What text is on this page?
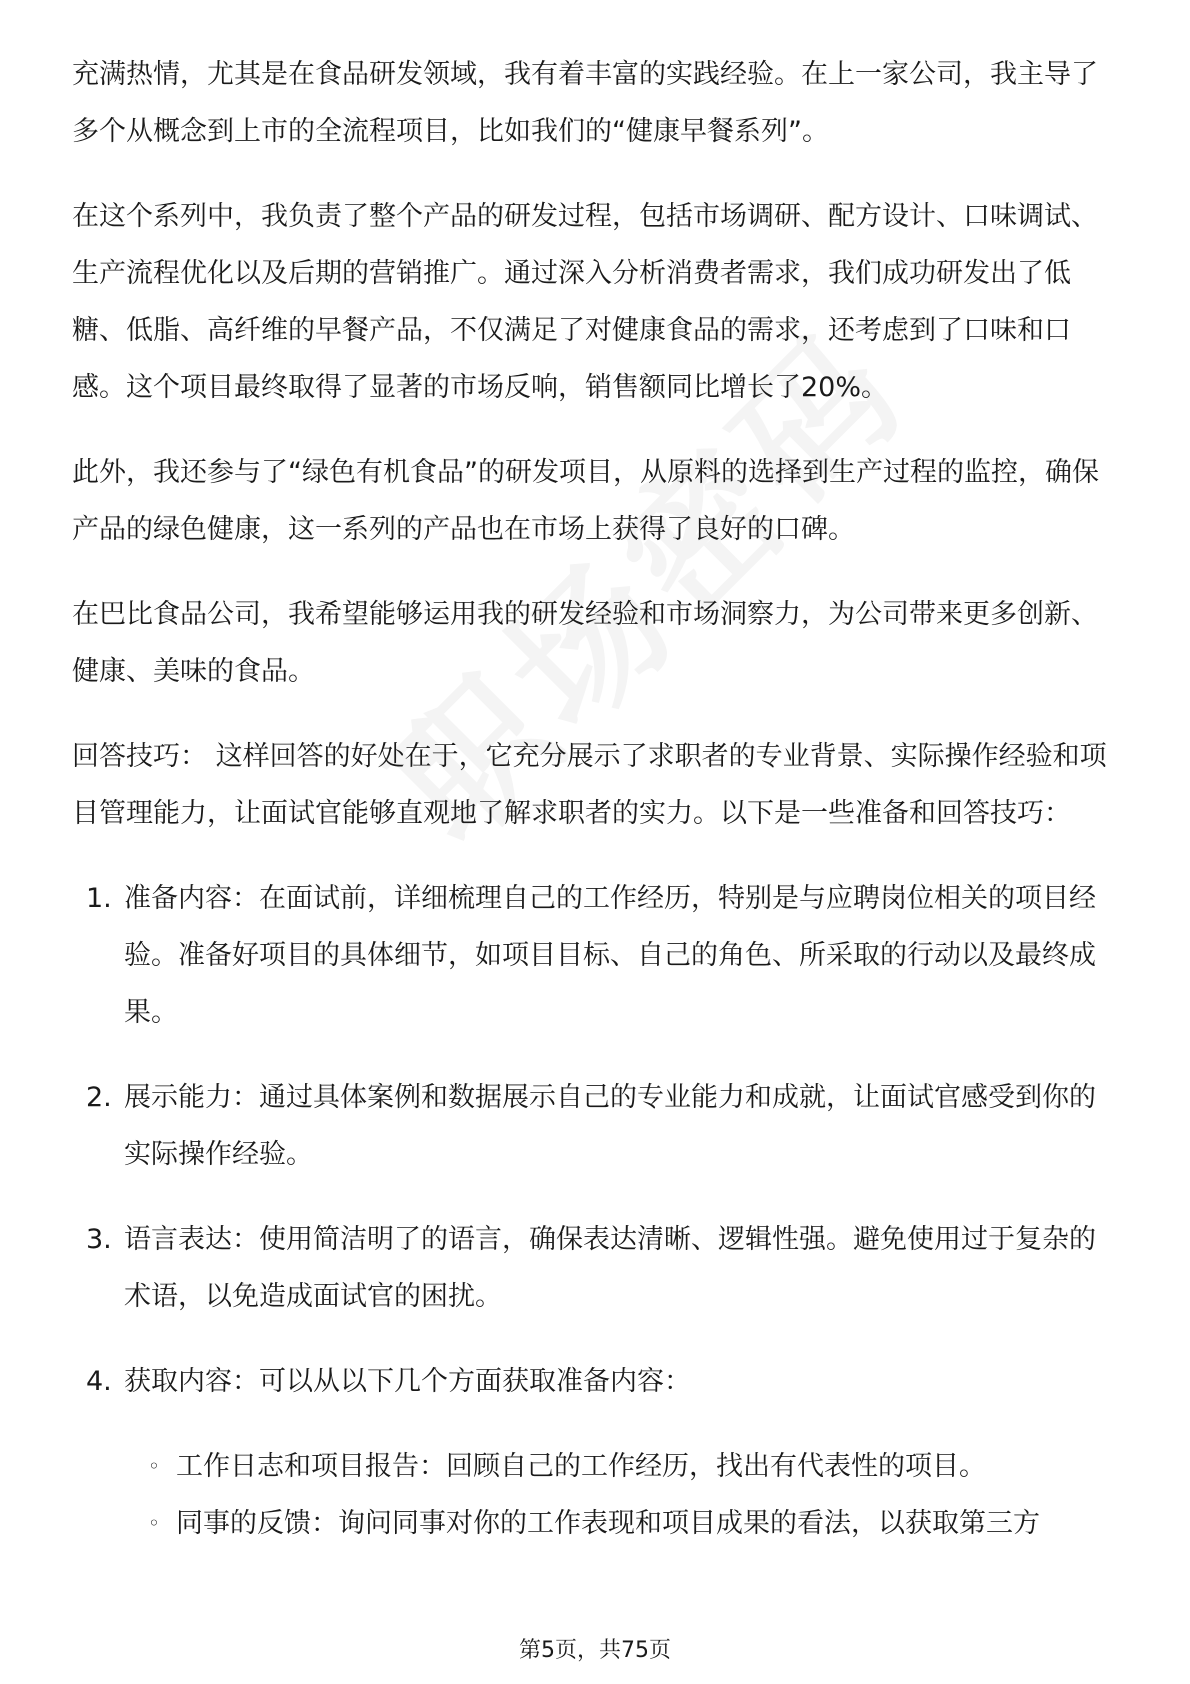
充满热情，尤其是在食品研发领域，我有着丰富的实践经验。在上一家公司，我主导了多个从概念到上市的全流程项目，比如我们的“健康早餐系列”。

在这个系列中，我负责了整个产品的研发过程，包括市场调研、配方设计、口味调试、生产流程优化以及后期的营销推广。通过深入分析消费者需求，我们成功研发出了低糖、低脂、高纤维的早餐产品，不仅满足了对健康食品的需求，还考虑到了口味和口感。这个项目最终取得了显著的市场反响，销售额同比增长了20%。

此外，我还参与了“绿色有机食品”的研发项目，从原料的选择到生产过程的监控，确保产品的绿色健康，这一系列的产品也在市场上获得了良好的口碑。

在巴比食品公司，我希望能够运用我的研发经验和市场洞察力，为公司带来更多创新、健康、美味的食品。

回答技巧： 这样回答的好处在于，它充分展示了求职者的专业背景、实际操作经验和项目管理能力，让面试官能够直观地了解求职者的实力。以下是一些准备和回答技巧：

1. 准备内容：在面试前，详细梳理自己的工作经历，特别是与应聘岗位相关的项目经验。准备好项目的具体细节，如项目目标、自己的角色、所采取的行动以及最终成果。
2. 展示能力：通过具体案例和数据展示自己的专业能力和成就，让面试官感受到你的实际操作经验。
3. 语言表达：使用简洁明了的语言，确保表达清晰、逻辑性强。避免使用过于复杂的术语，以免造成面试官的困扰。
4. 获取内容：可以从以下几个方面获取准备内容：
◦ 工作日志和项目报告：回顾自己的工作经历，找出有代表性的项目。
◦ 同事的反馈：询问同事对你的工作表现和项目成果的看法，以获取第三方
第5页，共75页
